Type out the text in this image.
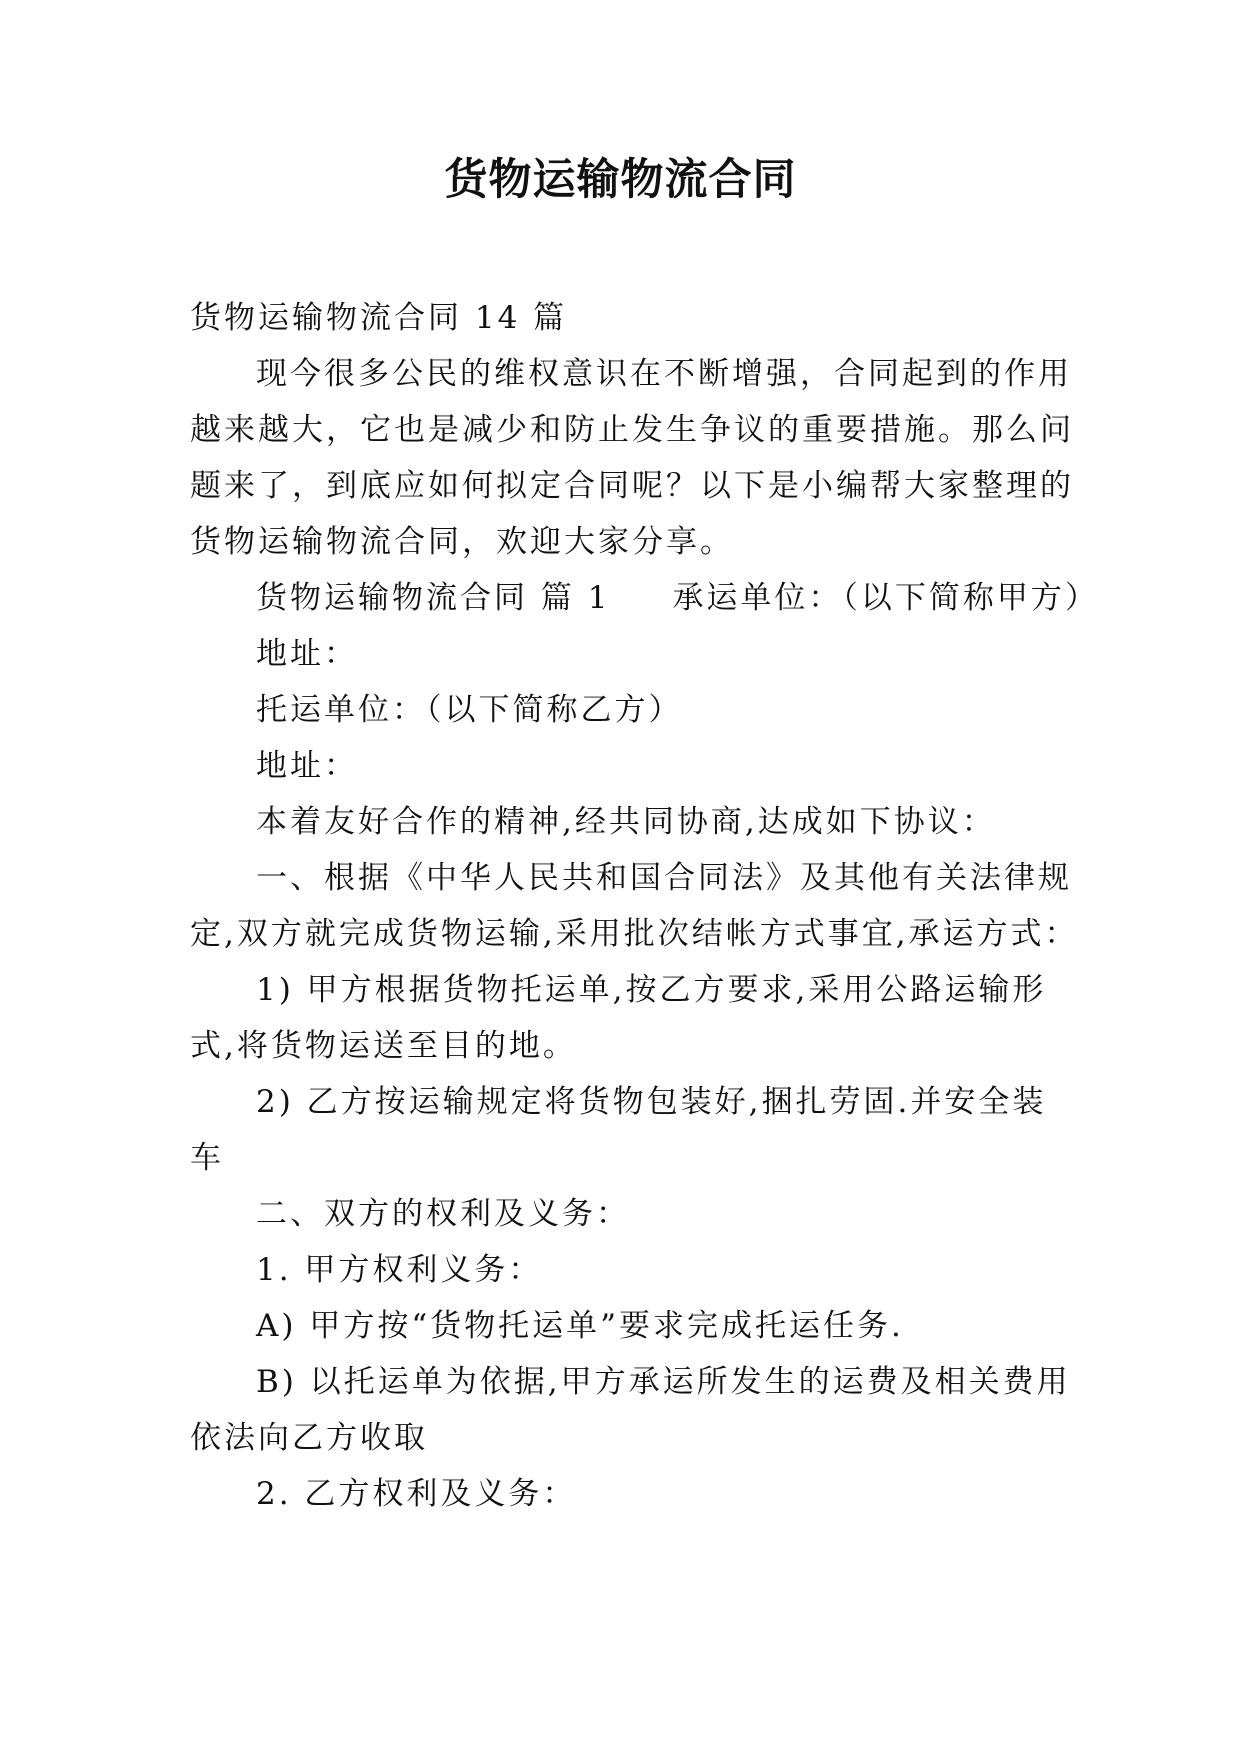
货物运输物流合同

货物运输物流合同 14 篇

现今很多公民的维权意识在不断增强，合同起到的作用

越来越大，它也是减少和防止发生争议的重要措施。那么问

题来了，到底应如何拟定合同呢？以下是小编帮大家整理的

货物运输物流合同，欢迎大家分享。

货物运输物流合同 篇 1 承运单位：（以下简称甲方）

地址：

托运单位：（以下简称乙方）

地址：

本着友好合作的精神,经共同协商,达成如下协议：

一、根据《中华人民共和国合同法》及其他有关法律规

定,双方就完成货物运输,采用批次结帐方式事宜,承运方式：

1) 甲方根据货物托运单,按乙方要求,采用公路运输形

式,将货物运送至目的地。

2) 乙方按运输规定将货物包装好,捆扎劳固.并安全装

车

二、双方的权利及义务：

1. 甲方权利义务：

A) 甲方按“货物托运单”要求完成托运任务.

B) 以托运单为依据,甲方承运所发生的运费及相关费用

依法向乙方收取

2. 乙方权利及义务：
